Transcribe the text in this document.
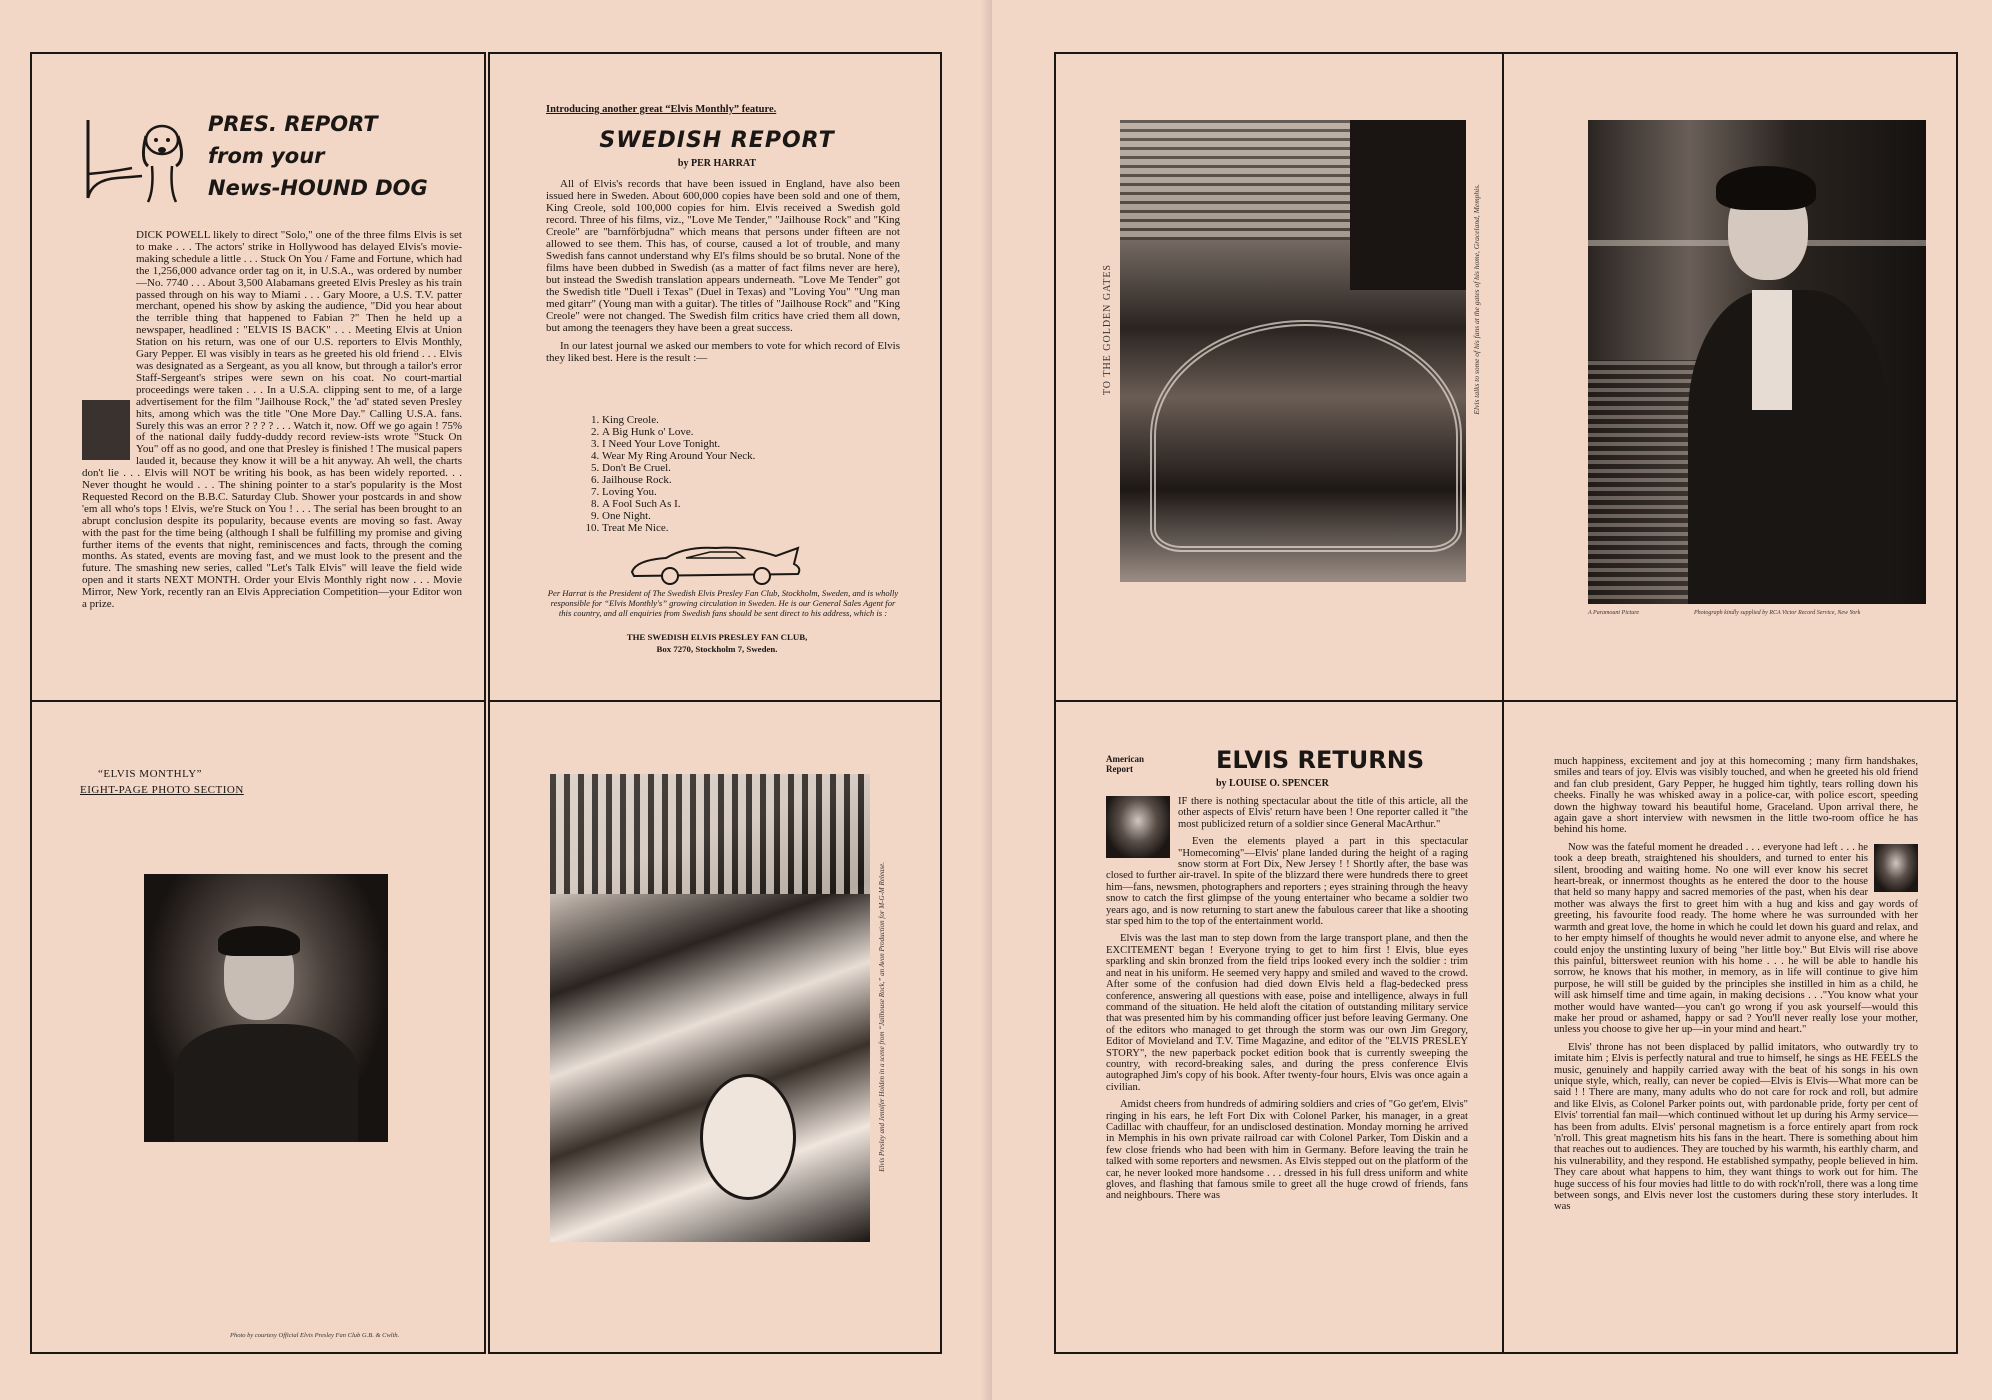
PRES. REPORT
from your
News-HOUND DOG
DICK POWELL likely to direct "Solo," one of the three films Elvis is set to make . . . The actors' strike in Hollywood has delayed Elvis's movie-making schedule a little . . . Stuck On You / Fame and Fortune, which had the 1,256,000 advance order tag on it, in U.S.A., was ordered by number—No. 7740 . . . About 3,500 Alabamans greeted Elvis Presley as his train passed through on his way to Miami . . . Gary Moore, a U.S. T.V. patter merchant, opened his show by asking the audience, "Did you hear about the terrible thing that happened to Fabian ?" Then he held up a newspaper, headlined : "ELVIS IS BACK" . . . Meeting Elvis at Union Station on his return, was one of our U.S. reporters to Elvis Monthly, Gary Pepper. El was visibly in tears as he greeted his old friend . . . Elvis was designated as a Sergeant, as you all know, but through a tailor's error Staff-Sergeant's stripes were sewn on his coat. No court-martial proceedings were taken . . . In a U.S.A. clipping sent to me, of a large advertisement for the film "Jailhouse Rock," the 'ad' stated seven Presley hits, among which was the title "One More Day." Calling U.S.A. fans. Surely this was an error ? ? ? ? . . . Watch it, now. Off we go again ! 75% of the national daily fuddy-duddy record review-ists wrote "Stuck On You" off as no good, and one that Presley is finished ! The musical papers lauded it, because they know it will be a hit anyway. Ah well, the charts don't lie . . . Elvis will NOT be writing his book, as has been widely reported. . . Never thought he would . . . The shining pointer to a star's popularity is the Most Requested Record on the B.B.C. Saturday Club. Shower your postcards in and show 'em all who's tops ! Elvis, we're Stuck on You ! . . . The serial has been brought to an abrupt conclusion despite its popularity, because events are moving so fast. Away with the past for the time being (although I shall be fulfilling my promise and giving further items of the events that night, reminiscences and facts, through the coming months. As stated, events are moving fast, and we must look to the present and the future. The smashing new series, called "Let's Talk Elvis" will leave the field wide open and it starts NEXT MONTH. Order your Elvis Monthly right now . . . Movie Mirror, New York, recently ran an Elvis Appreciation Competition—your Editor won a prize.
Introducing another great “Elvis Monthly” feature.
SWEDISH REPORT
by PER HARRAT

All of Elvis's records that have been issued in England, have also been issued here in Sweden. About 600,000 copies have been sold and one of them, King Creole, sold 100,000 copies for him. Elvis received a Swedish gold record. Three of his films, viz., "Love Me Tender," "Jailhouse Rock" and "King Creole" are "barnförbjudna" which means that persons under fifteen are not allowed to see them. This has, of course, caused a lot of trouble, and many Swedish fans cannot understand why El's films should be so brutal. None of the films have been dubbed in Swedish (as a matter of fact films never are here), but instead the Swedish translation appears underneath. "Love Me Tender" got the Swedish title "Duell i Texas" (Duel in Texas) and "Loving You" "Ung man med gitarr" (Young man with a guitar). The titles of "Jailhouse Rock" and "King Creole" were not changed. The Swedish film critics have cried them all down, but among the teenagers they have been a great success.

In our latest journal we asked our members to vote for which record of Elvis they liked best. Here is the result :—

1. King Creole.
2. A Big Hunk o' Love.
3. I Need Your Love Tonight.
4. Wear My Ring Around Your Neck.
5. Don't Be Cruel.
6. Jailhouse Rock.
7. Loving You.
8. A Fool Such As I.
9. One Night.
10. Treat Me Nice.
Per Harrat is the President of The Swedish Elvis Presley Fan Club, Stockholm, Sweden, and is wholly responsible for “Elvis Monthly's” growing circulation in Sweden. He is our General Sales Agent for this country, and all enquiries from Swedish fans should be sent direct to his address, which is :
THE SWEDISH ELVIS PRESLEY FAN CLUB,
Box 7270, Stockholm 7, Sweden.
“ELVIS MONTHLY”
EIGHT-PAGE PHOTO SECTION
Photo by courtesy Official Elvis Presley Fan Club G.B. & Cwlth.
Elvis Presley and Jennifer Holden in a scene from “Jailhouse Rock,” an Avon Production for M-G-M Release.
TO THE GOLDEN GATES	Elvis talks to some of his fans at the gates of his home, Graceland, Memphis.
A Paramount Picture	Photograph kindly supplied by RCA Victor Record Service, New York
American
Report	ELVIS RETURNS
by LOUISE O. SPENCER

IF there is nothing spectacular about the title of this article, all the other aspects of Elvis' return have been ! One reporter called it "the most publicized return of a soldier since General MacArthur."

Even the elements played a part in this spectacular "Homecoming"—Elvis' plane landed during the height of a raging snow storm at Fort Dix, New Jersey ! ! Shortly after, the base was closed to further air-travel. In spite of the blizzard there were hundreds there to greet him—fans, newsmen, photographers and reporters ; eyes straining through the heavy snow to catch the first glimpse of the young entertainer who became a soldier two years ago, and is now returning to start anew the fabulous career that like a shooting star sped him to the top of the entertainment world.

Elvis was the last man to step down from the large transport plane, and then the EXCITEMENT began ! Everyone trying to get to him first ! Elvis, blue eyes sparkling and skin bronzed from the field trips looked every inch the soldier : trim and neat in his uniform. He seemed very happy and smiled and waved to the crowd. After some of the confusion had died down Elvis held a flag-bedecked press conference, answering all questions with ease, poise and intelligence, always in full command of the situation. He held aloft the citation of outstanding military service that was presented him by his commanding officer just before leaving Germany. One of the editors who managed to get through the storm was our own Jim Gregory, Editor of Movieland and T.V. Time Magazine, and editor of the "ELVIS PRESLEY STORY", the new paperback pocket edition book that is currently sweeping the country, with record-breaking sales, and during the press conference Elvis autographed Jim's copy of his book. After twenty-four hours, Elvis was once again a civilian.

Amidst cheers from hundreds of admiring soldiers and cries of "Go get'em, Elvis" ringing in his ears, he left Fort Dix with Colonel Parker, his manager, in a great Cadillac with chauffeur, for an undisclosed destination. Monday morning he arrived in Memphis in his own private railroad car with Colonel Parker, Tom Diskin and a few close friends who had been with him in Germany. Before leaving the train he talked with some reporters and newsmen. As Elvis stepped out on the platform of the car, he never looked more handsome . . . dressed in his full dress uniform and white gloves, and flashing that famous smile to greet all the huge crowd of friends, fans and neighbours. There was

much happiness, excitement and joy at this homecoming ; many firm handshakes, smiles and tears of joy. Elvis was visibly touched, and when he greeted his old friend and fan club president, Gary Pepper, he hugged him tightly, tears rolling down his cheeks. Finally he was whisked away in a police-car, with police escort, speeding down the highway toward his beautiful home, Graceland. Upon arrival there, he again gave a short interview with newsmen in the little two-room office he has behind his home.

Now was the fateful moment he dreaded . . . everyone had left . . . he took a deep breath, straightened his shoulders, and turned to enter his silent, brooding and waiting home. No one will ever know his secret heart-break, or innermost thoughts as he entered the door to the house that held so many happy and sacred memories of the past, when his dear mother was always the first to greet him with a hug and kiss and gay words of greeting, his favourite food ready. The home where he was surrounded with her warmth and great love, the home in which he could let down his guard and relax, and to her empty himself of thoughts he would never admit to anyone else, and where he could enjoy the unstinting luxury of being "her little boy." But Elvis will rise above this painful, bittersweet reunion with his home . . . he will be able to handle his sorrow, he knows that his mother, in memory, as in life will continue to give him purpose, he will still be guided by the principles she instilled in him as a child, he will ask himself time and time again, in making decisions . . ."You know what your mother would have wanted—you can't go wrong if you ask yourself—would this make her proud or ashamed, happy or sad ? You'll never really lose your mother, unless you choose to give her up—in your mind and heart."

Elvis' throne has not been displaced by pallid imitators, who outwardly try to imitate him ; Elvis is perfectly natural and true to himself, he sings as HE FEELS the music, genuinely and happily carried away with the beat of his songs in his own unique style, which, really, can never be copied—Elvis is Elvis—What more can be said ! ! There are many, many adults who do not care for rock and roll, but admire and like Elvis, as Colonel Parker points out, with pardonable pride, forty per cent of Elvis' torrential fan mail—which continued without let up during his Army service—has been from adults. Elvis' personal magnetism is a force entirely apart from rock 'n'roll. This great magnetism hits his fans in the heart. There is something about him that reaches out to audiences. They are touched by his warmth, his earthly charm, and his vulnerability, and they respond. He established sympathy, people believed in him. They care about what happens to him, they want things to work out for him. The huge success of his four movies had little to do with rock'n'roll, there was a long time between songs, and Elvis never lost the customers during these story interludes. It was
